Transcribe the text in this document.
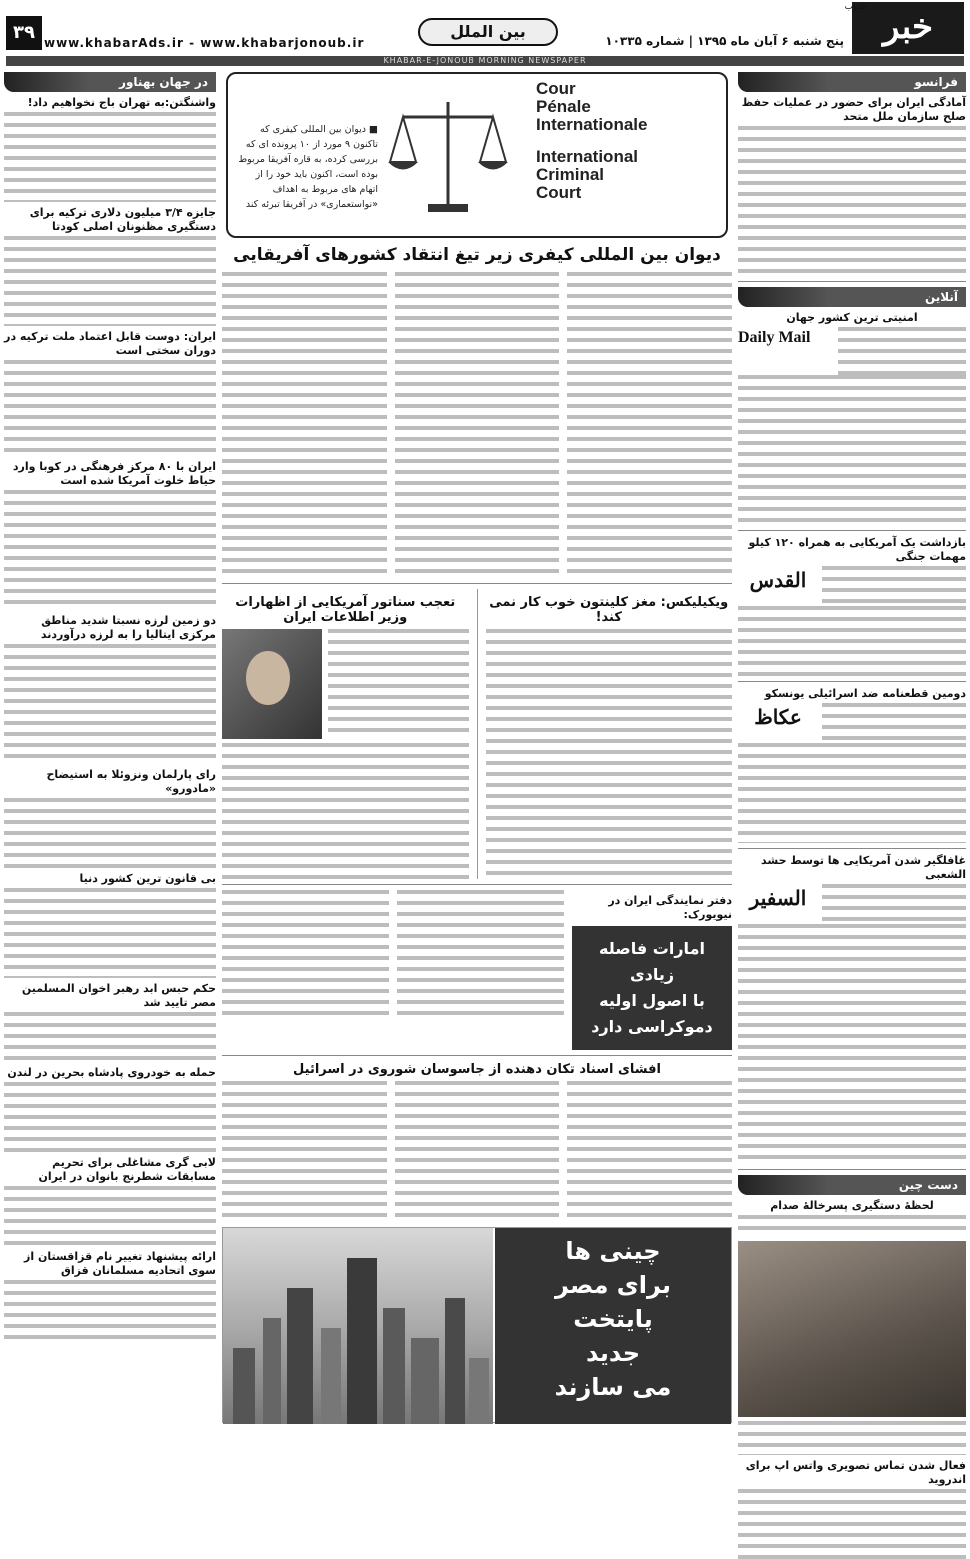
خبر
جنوب
پنج شنبه ۶ آبان ماه ۱۳۹۵ | شماره ۱۰۳۳۵
بین الملل
www.khabarAds.ir - www.khabarjonoub.ir
۳۹
KHABAR-E-JONOUB MORNING NEWSPAPER
فرانسو
آمادگی ایران برای حضور در عملیات حفظ صلح سازمان ملل متحد
آنلاین
امنیتی ترین کشور جهان
Daily Mail
بازداشت یک آمریکایی به همراه ۱۲۰ کیلو مهمات جنگی
القدس
دومین قطعنامه ضد اسرائیلی یونسکو
عكاظ
غافلگیر شدن آمریکایی ها توسط حشد الشعبی
السفير
دست چین
لحظهٔ دستگیری پسرخالهٔ صدام
فعال شدن تماس تصویری واتس اپ برای اندروید
Cour
Pénale
Internationale
International
Criminal
Court
■ دیوان بین المللی کیفری که تاکنون ۹ مورد از ۱۰ پرونده ای که بررسی کرده، به قاره آفریقا مربوط بوده است، اکنون باید خود را از اتهام های مربوط به اهداف «نواستعماری» در آفریقا تبرئه کند
دیوان بین المللی کیفری زیر تیغ انتقاد کشورهای آفریقایی
ویکیلیکس: مغز کلینتون خوب کار نمی کند!
تعجب سناتور آمریکایی از اظهارات وزیر اطلاعات ایران
دفتر نمایندگی ایران در نیویورک:
امارات فاصله زیادی
با اصول اولیه
دموکراسی دارد
افشای اسناد تکان دهنده از جاسوسان شوروی در اسرائیل
چینی ها
برای مصر
پایتخت
جدید
می سازند
در جهان بهناور
واشنگتن:به تهران باج نخواهیم داد!
جایزه ۳/۴ میلیون دلاری ترکیه برای دستگیری مظنونان اصلی کودتا
ایران: دوست قابل اعتماد ملت ترکیه در دوران سختی است
ایران با ۸۰ مرکز فرهنگی در کوبا وارد حیاط خلوت آمریکا شده است
دو زمین لرزه نسبتا شدید مناطق مرکزی ایتالیا را به لرزه درآوردند
رای پارلمان ونزوئلا به استیضاح «مادورو»
بی قانون ترین کشور دنیا
حکم حبس ابد رهبر اخوان المسلمین مصر تایید شد
حمله به خودروی پادشاه بحرین در لندن
لابی گری مشاغلی برای تحریم مسابقات شطرنج بانوان در ایران
ارائه پیشنهاد تغییر نام قزاقستان از سوی اتحادیه مسلمانان قزاق
